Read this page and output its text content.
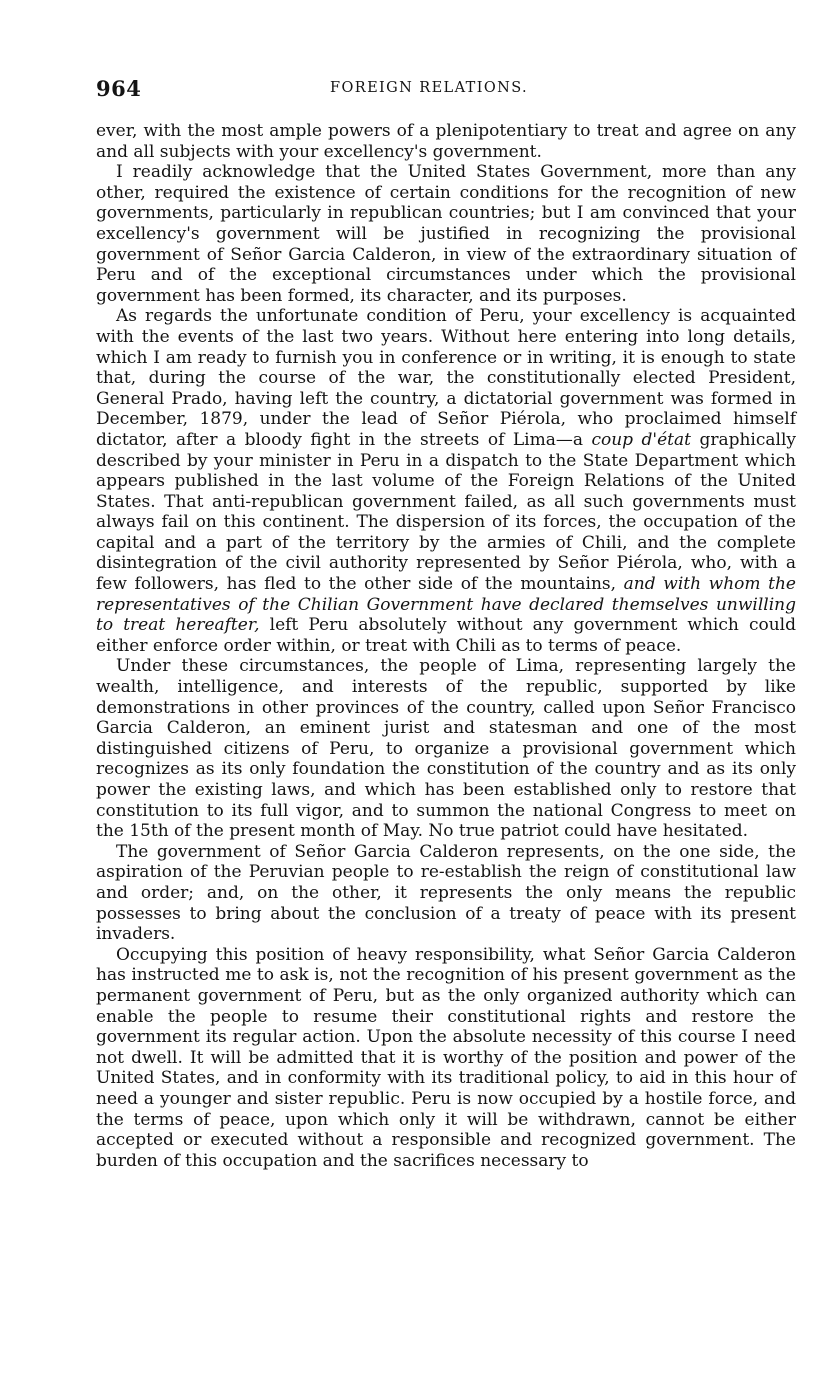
964	FOREIGN RELATIONS.

ever, with the most ample powers of a plenipotentiary to treat and agree on any and all subjects with your excellency's government.

I readily acknowledge that the United States Government, more than any other, required the existence of certain conditions for the recognition of new governments, particularly in republican countries; but I am convinced that your excellency's government will be justified in recognizing the provisional government of Señor Garcia Calderon, in view of the extraordinary situation of Peru and of the exceptional circumstances under which the provisional government has been formed, its character, and its purposes.

As regards the unfortunate condition of Peru, your excellency is acquainted with the events of the last two years. Without here entering into long details, which I am ready to furnish you in conference or in writing, it is enough to state that, during the course of the war, the constitutionally elected President, General Prado, having left the country, a dictatorial government was formed in December, 1879, under the lead of Señor Piérola, who proclaimed himself dictator, after a bloody fight in the streets of Lima—a coup d'état graphically described by your minister in Peru in a dispatch to the State Department which appears published in the last volume of the Foreign Relations of the United States. That anti-republican government failed, as all such governments must always fail on this continent. The dispersion of its forces, the occupation of the capital and a part of the territory by the armies of Chili, and the complete disintegration of the civil authority represented by Señor Piérola, who, with a few followers, has fled to the other side of the mountains, and with whom the representatives of the Chilian Government have declared themselves unwilling to treat hereafter, left Peru absolutely without any government which could either enforce order within, or treat with Chili as to terms of peace.

Under these circumstances, the people of Lima, representing largely the wealth, intelligence, and interests of the republic, supported by like demonstrations in other provinces of the country, called upon Señor Francisco Garcia Calderon, an eminent jurist and statesman and one of the most distinguished citizens of Peru, to organize a provisional government which recognizes as its only foundation the constitution of the country and as its only power the existing laws, and which has been established only to restore that constitution to its full vigor, and to summon the national Congress to meet on the 15th of the present month of May. No true patriot could have hesitated.

The government of Señor Garcia Calderon represents, on the one side, the aspiration of the Peruvian people to re-establish the reign of constitutional law and order; and, on the other, it represents the only means the republic possesses to bring about the conclusion of a treaty of peace with its present invaders.

Occupying this position of heavy responsibility, what Señor Garcia Calderon has instructed me to ask is, not the recognition of his present government as the permanent government of Peru, but as the only organized authority which can enable the people to resume their constitutional rights and restore the government its regular action. Upon the absolute necessity of this course I need not dwell. It will be admitted that it is worthy of the position and power of the United States, and in conformity with its traditional policy, to aid in this hour of need a younger and sister republic. Peru is now occupied by a hostile force, and the terms of peace, upon which only it will be withdrawn, cannot be either accepted or executed without a responsible and recognized government. The burden of this occupation and the sacrifices necessary to
